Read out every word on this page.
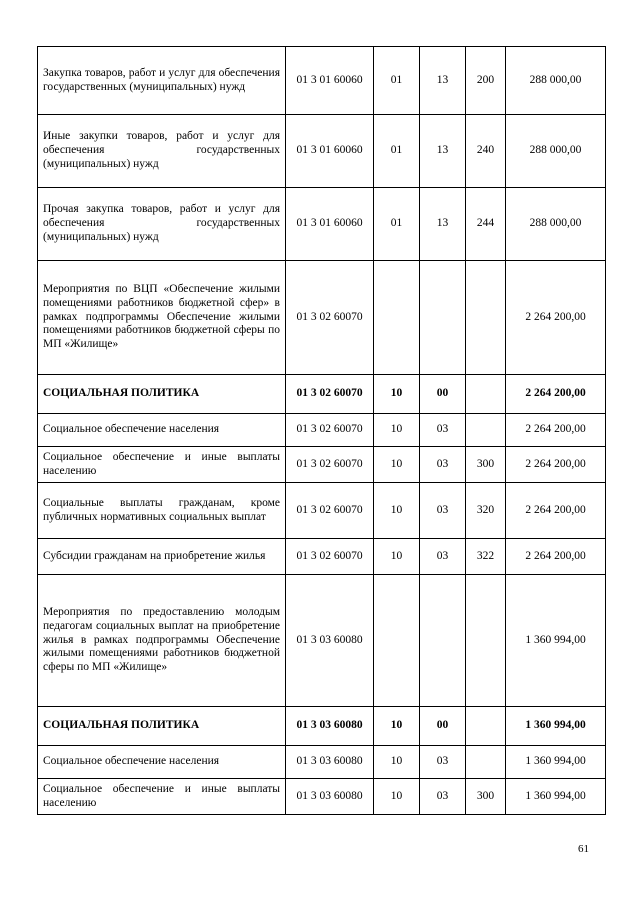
Закупка товаров, работ и услуг для обеспечения государственных (муниципальных) нужд	01 3 01 60060	01	13	200	288 000,00
Иные закупки товаров, работ и услуг для обеспечения государственных (муниципальных) нужд	01 3 01 60060	01	13	240	288 000,00
Прочая закупка товаров, работ и услуг для обеспечения государственных (муниципальных) нужд	01 3 01 60060	01	13	244	288 000,00
Мероприятия по ВЦП «Обеспечение жилыми помещениями работников бюджетной сфер» в рамках подпрограммы Обеспечение жилыми помещениями работников бюджетной сферы по МП «Жилище»	01 3 02 60070				2 264 200,00
СОЦИАЛЬНАЯ ПОЛИТИКА	01 3 02 60070	10	00		2 264 200,00
Социальное обеспечение населения	01 3 02 60070	10	03		2 264 200,00
Социальное обеспечение и иные выплаты населению	01 3 02 60070	10	03	300	2 264 200,00
Социальные выплаты гражданам, кроме публичных нормативных социальных выплат	01 3 02 60070	10	03	320	2 264 200,00
Субсидии гражданам на приобретение жилья	01 3 02 60070	10	03	322	2 264 200,00
Мероприятия по предоставлению молодым педагогам социальных выплат на приобретение жилья в рамках подпрограммы Обеспечение жилыми помещениями работников бюджетной сферы по МП «Жилище»	01 3 03 60080				1 360 994,00
СОЦИАЛЬНАЯ ПОЛИТИКА	01 3 03 60080	10	00		1 360 994,00
Социальное обеспечение населения	01 3 03 60080	10	03		1 360 994,00
Социальное обеспечение и иные выплаты населению	01 3 03 60080	10	03	300	1 360 994,00
61
